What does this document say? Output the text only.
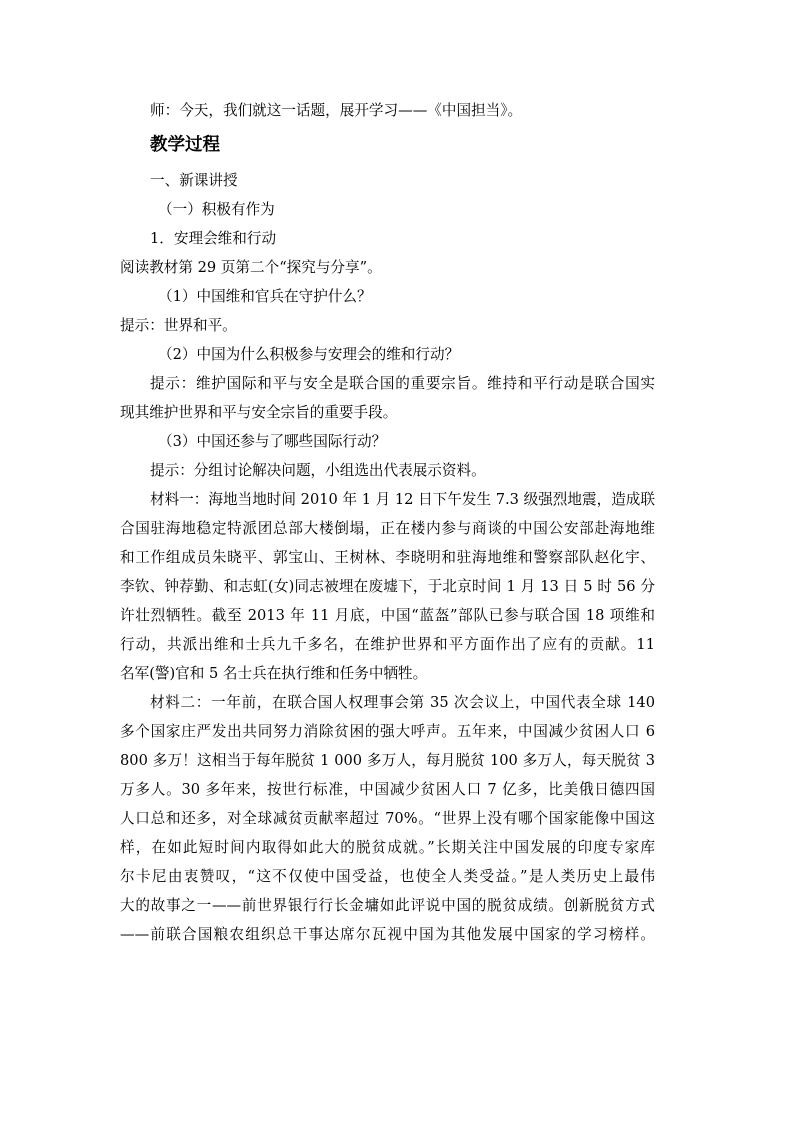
师：今天，我们就这一话题，展开学习——《中国担当》。
教学过程
一、新课讲授
（一）积极有作为
1．安理会维和行动
阅读教材第 29 页第二个“探究与分享”。
（1）中国维和官兵在守护什么？
提示：世界和平。
（2）中国为什么积极参与安理会的维和行动？
提示：维护国际和平与安全是联合国的重要宗旨。维持和平行动是联合国实
现其维护世界和平与安全宗旨的重要手段。
（3）中国还参与了哪些国际行动？
提示：分组讨论解决问题，小组选出代表展示资料。
材料一：海地当地时间 2010 年 1 月 12 日下午发生 7.3 级强烈地震，造成联
合国驻海地稳定特派团总部大楼倒塌，正在楼内参与商谈的中国公安部赴海地维
和工作组成员朱晓平、郭宝山、王树林、李晓明和驻海地维和警察部队赵化宇、
李钦、钟荐勤、和志虹(女)同志被埋在废墟下，于北京时间 1 月 13 日 5 时 56 分
许壮烈牺牲。截至 2013 年 11 月底，中国“蓝盔”部队已参与联合国 18 项维和
行动，共派出维和士兵九千多名，在维护世界和平方面作出了应有的贡献。11
名军(警)官和 5 名士兵在执行维和任务中牺牲。
材料二：一年前，在联合国人权理事会第 35 次会议上，中国代表全球 140
多个国家庄严发出共同努力消除贫困的强大呼声。五年来，中国减少贫困人口 6
800 多万！这相当于每年脱贫 1 000 多万人，每月脱贫 100 多万人，每天脱贫 3
万多人。30 多年来，按世行标准，中国减少贫困人口 7 亿多，比美俄日德四国
人口总和还多，对全球减贫贡献率超过 70%。“世界上没有哪个国家能像中国这
样，在如此短时间内取得如此大的脱贫成就。”长期关注中国发展的印度专家库
尔卡尼由衷赞叹，“这不仅使中国受益，也使全人类受益。”是人类历史上最伟
大的故事之一——前世界银行行长金墉如此评说中国的脱贫成绩。创新脱贫方式
——前联合国粮农组织总干事达席尔瓦视中国为其他发展中国家的学习榜样。
